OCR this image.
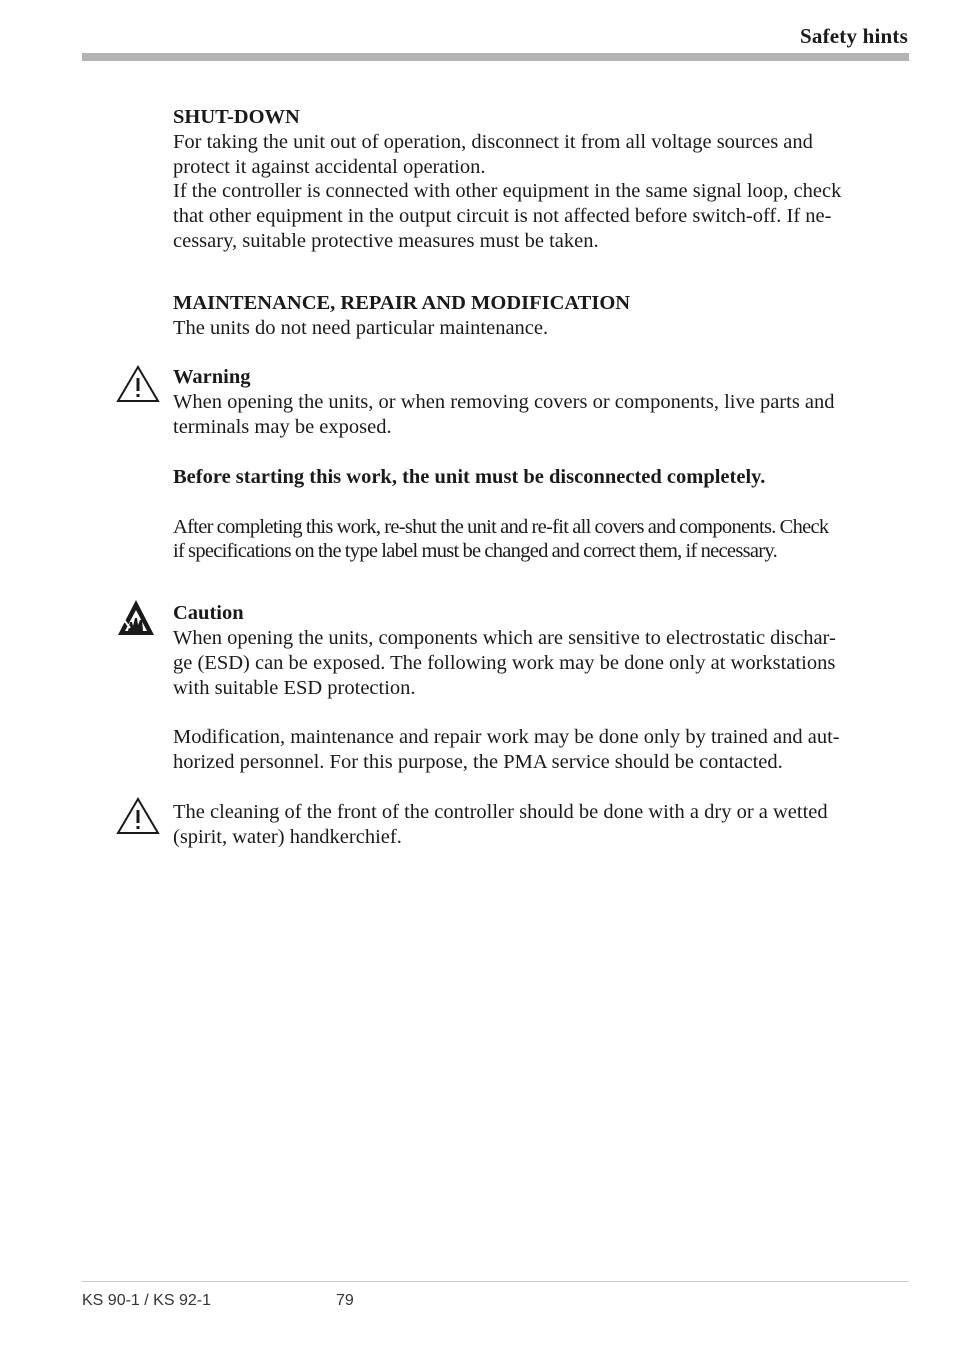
Safety hints

SHUT-DOWN

For taking the unit out of operation, disconnect it from all voltage sources and

protect it against accidental operation.

If the controller is connected with other equipment in the same signal loop, check

that other equipment in the output circuit is not affected before switch-off. If ne-

cessary, suitable protective measures must be taken.

MAINTENANCE, REPAIR AND MODIFICATION

The units do not need particular maintenance.

Warning

When opening the units, or when removing covers or components, live parts and

terminals may be exposed.

Before starting this work, the unit must be disconnected completely.

After completing this work, re-shut the unit and re-fit all covers and components. Check

if specifications on the type label must be changed and correct them, if necessary.

Caution

When opening the units, components which are sensitive to electrostatic dischar-

ge (ESD) can be exposed. The following work may be done only at workstations

with suitable ESD protection.

Modification, maintenance and repair work may be done only by trained and aut-

horized personnel. For this purpose, the PMA service should be contacted.

The cleaning of the front of the controller should be done with a dry or a wetted

(spirit, water) handkerchief.

KS 90-1 / KS 92-1	79
